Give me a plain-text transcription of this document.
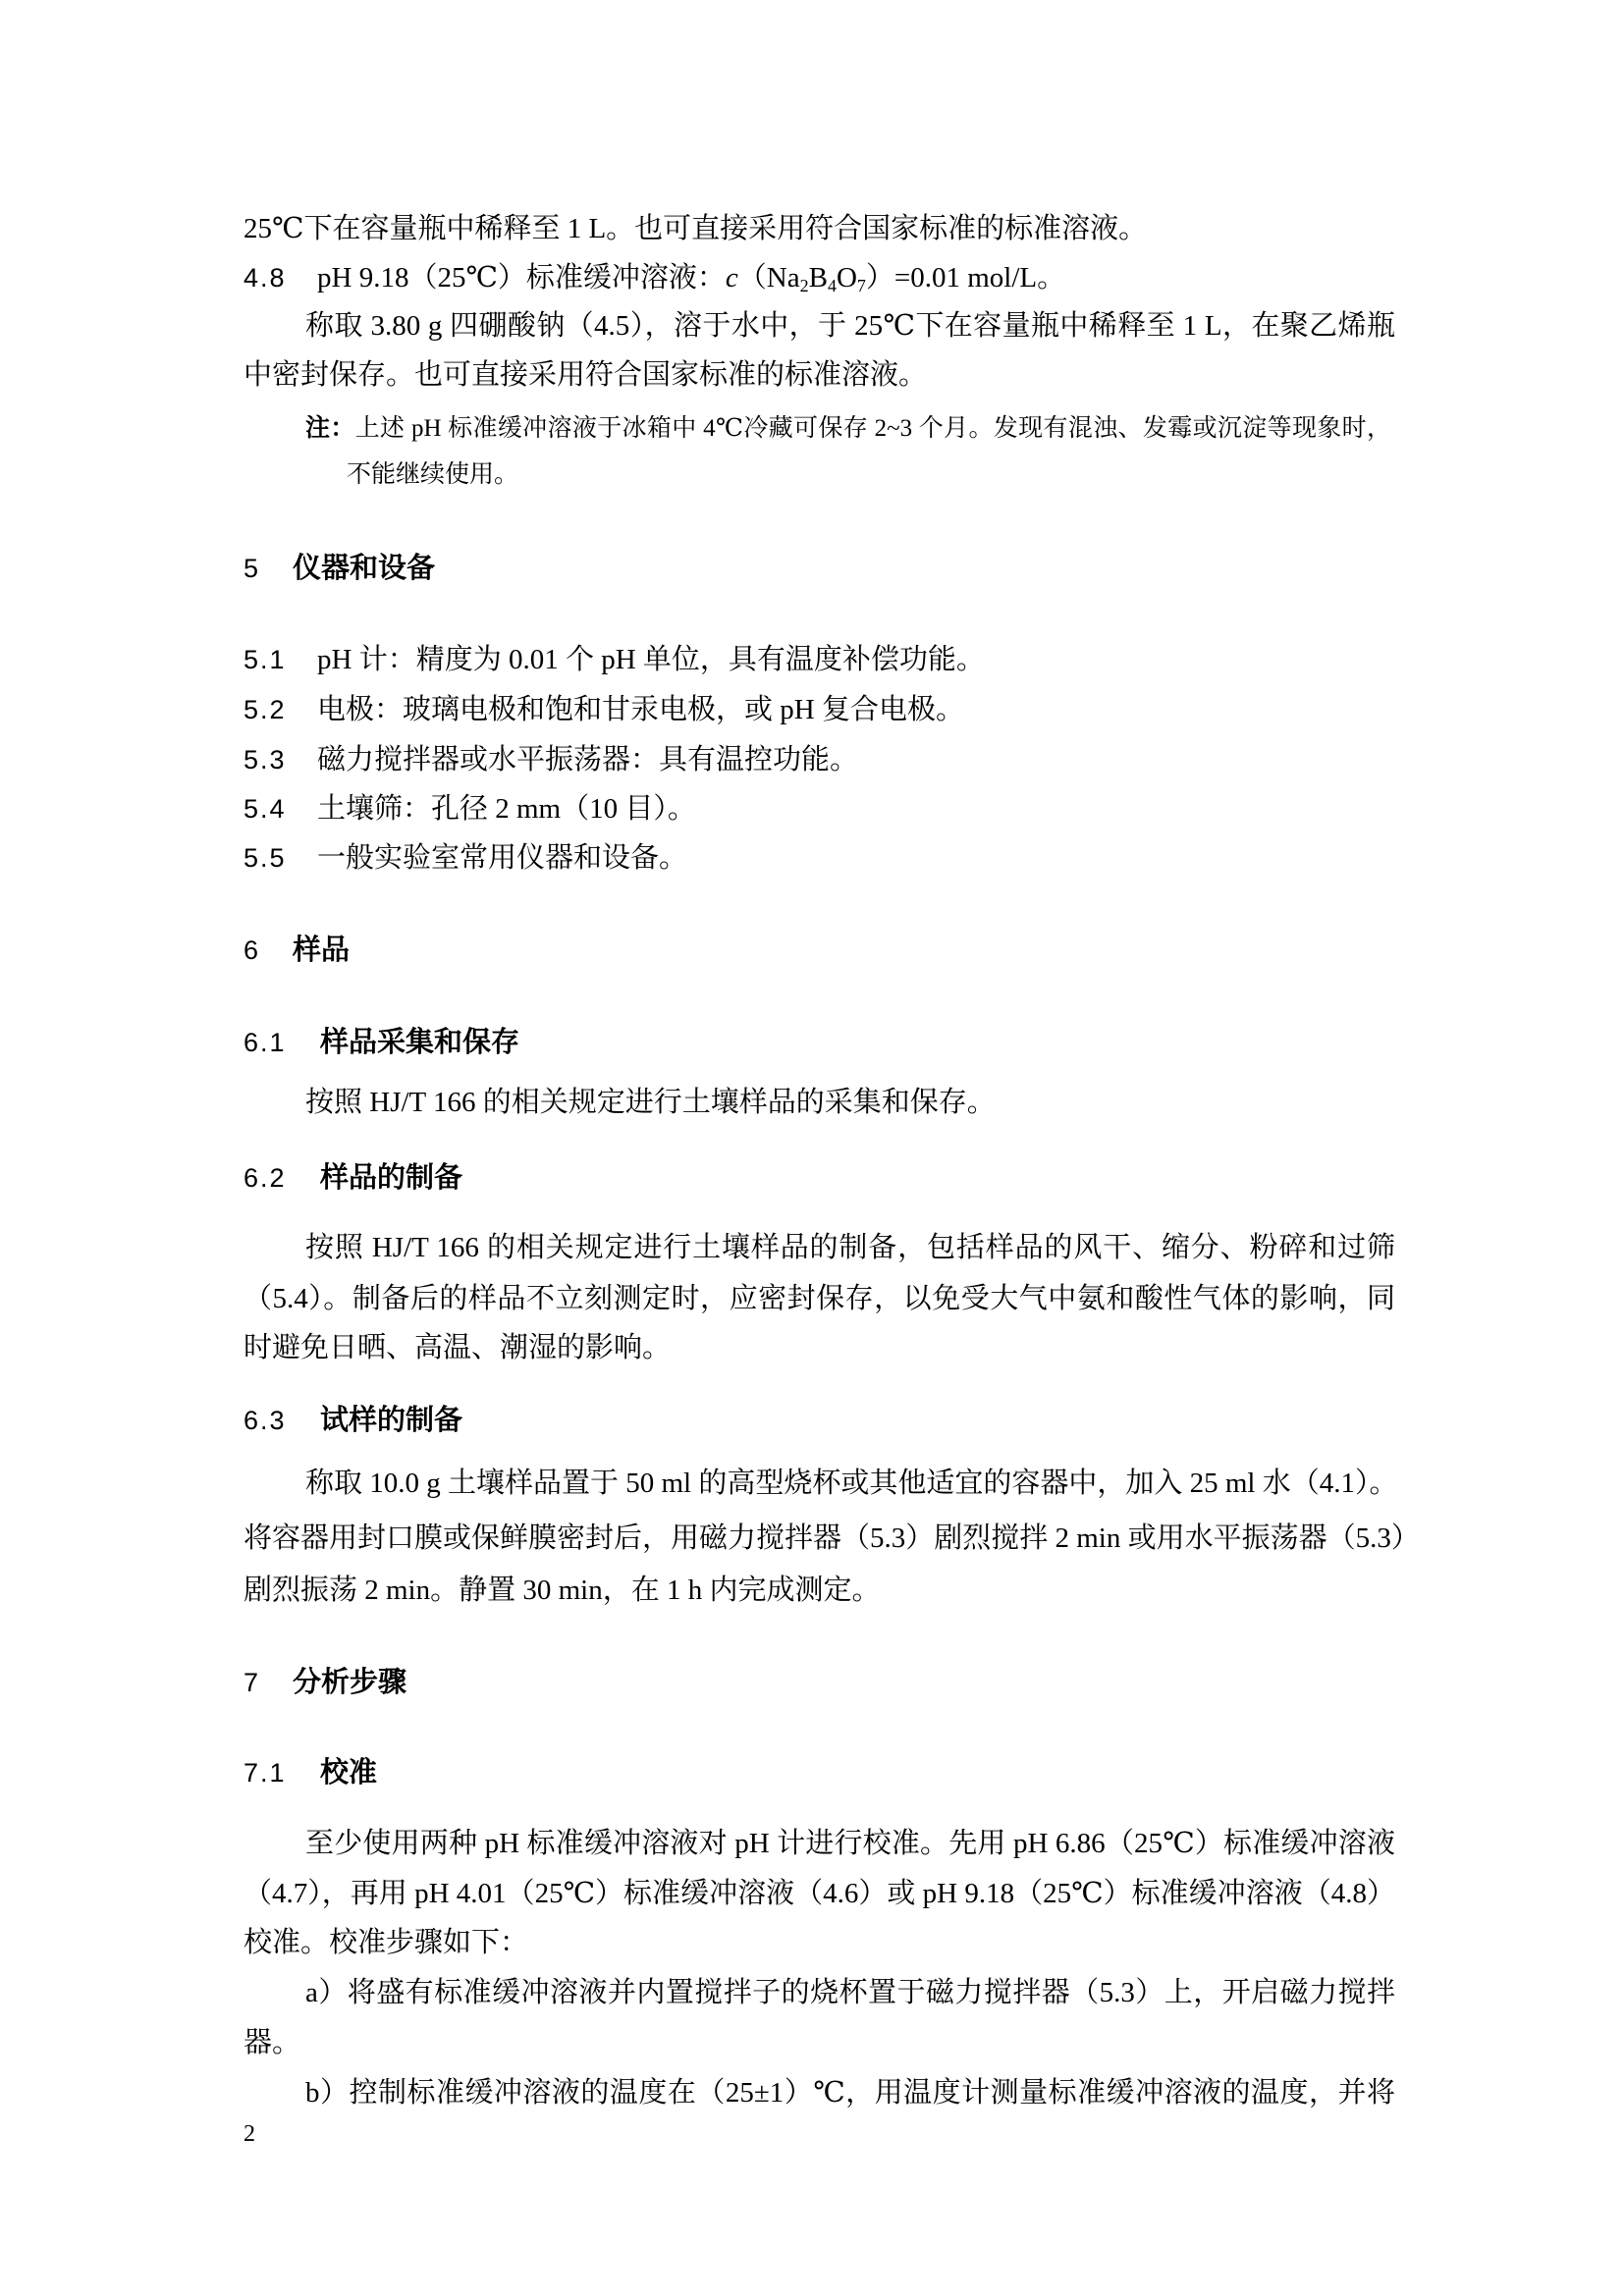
25℃下在容量瓶中稀释至 1 L。也可直接采用符合国家标准的标准溶液。
4.8 pH 9.18（25℃）标准缓冲溶液：$c(Na_2B_4O_7)=0.01$ mol/L。
称取 3.80 g 四硼酸钠（4.5），溶于水中，于 25℃下在容量瓶中稀释至 1 L，在聚乙烯瓶
中密封保存。也可直接采用符合国家标准的标准溶液。
注：上述 pH 标准缓冲溶液于冰箱中 4℃冷藏可保存 2~3 个月。发现有混浊、发霉或沉淀等现象时，
不能继续使用。
5 仪器和设备
5.1 pH 计：精度为 0.01 个 pH 单位，具有温度补偿功能。
5.2 电极：玻璃电极和饱和甘汞电极，或 pH 复合电极。
5.3 磁力搅拌器或水平振荡器：具有温控功能。
5.4 土壤筛：孔径 2 mm（10 目）。
5.5 一般实验室常用仪器和设备。
6 样品
6.1 样品采集和保存
按照 HJ/T 166 的相关规定进行土壤样品的采集和保存。
6.2 样品的制备
按照 HJ/T 166 的相关规定进行土壤样品的制备，包括样品的风干、缩分、粉碎和过筛
（5.4）。制备后的样品不立刻测定时，应密封保存，以免受大气中氨和酸性气体的影响，同
时避免日晒、高温、潮湿的影响。
6.3 试样的制备
称取 10.0 g 土壤样品置于 50 ml 的高型烧杯或其他适宜的容器中，加入 25 ml 水（4.1）。
将容器用封口膜或保鲜膜密封后，用磁力搅拌器（5.3）剧烈搅拌 2 min 或用水平振荡器（5.3）
剧烈振荡 2 min。静置 30 min，在 1 h 内完成测定。
7 分析步骤
7.1 校准
至少使用两种 pH 标准缓冲溶液对 pH 计进行校准。先用 pH 6.86（25℃）标准缓冲溶液
（4.7），再用 pH 4.01（25℃）标准缓冲溶液（4.6）或 pH 9.18（25℃）标准缓冲溶液（4.8）
校准。校准步骤如下：
a）将盛有标准缓冲溶液并内置搅拌子的烧杯置于磁力搅拌器（5.3）上，开启磁力搅拌
器。
b）控制标准缓冲溶液的温度在（25±1）℃，用温度计测量标准缓冲溶液的温度，并将
2
